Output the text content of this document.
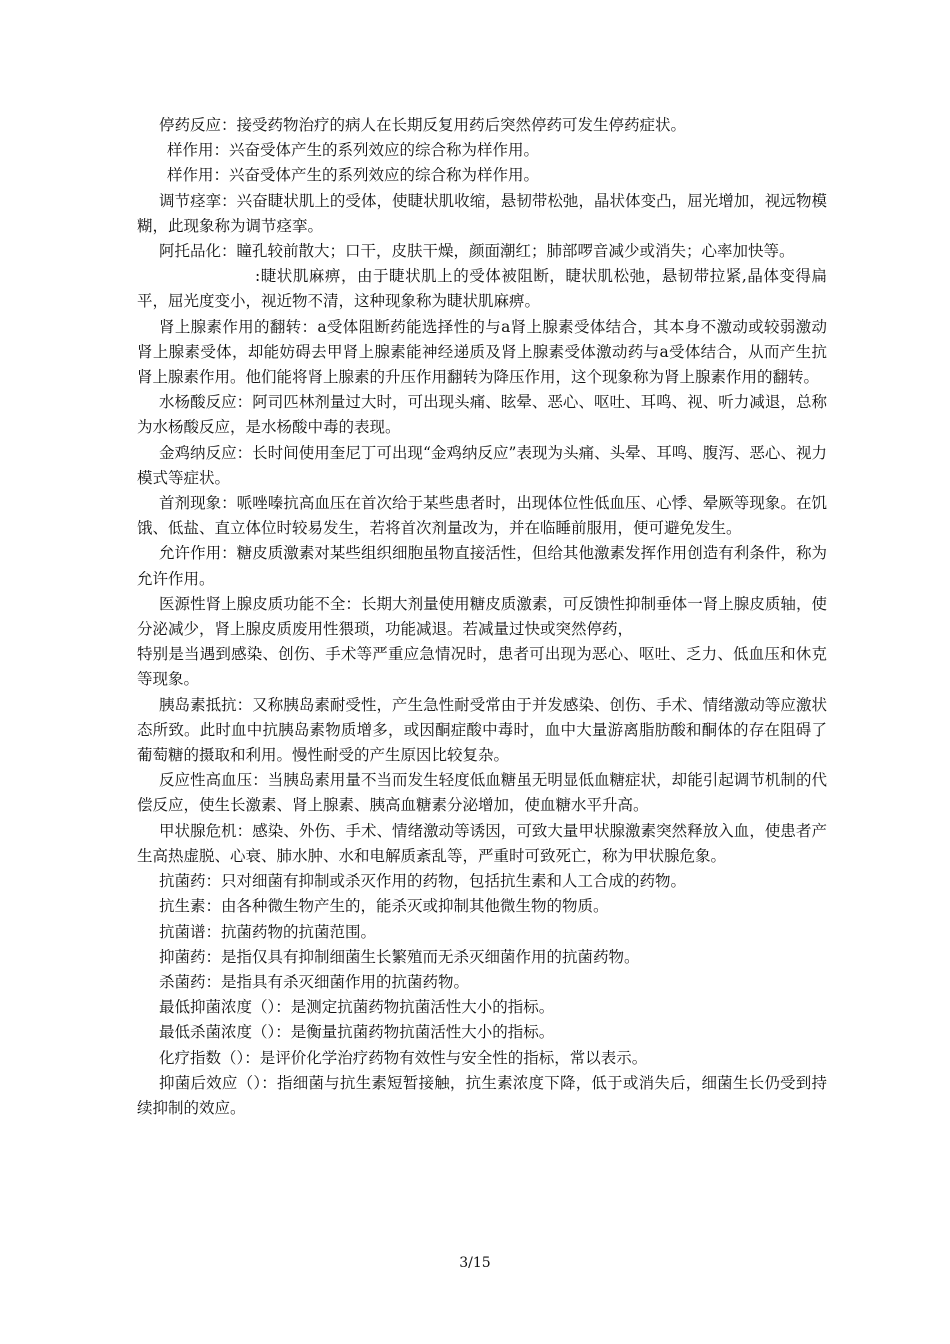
停药反应：接受药物治疗的病人在长期反复用药后突然停药可发生停药症状。

样作用：兴奋受体产生的系列效应的综合称为样作用。

样作用：兴奋受体产生的系列效应的综合称为样作用。

调节痉挛：兴奋睫状肌上的受体，使睫状肌收缩，悬韧带松弛，晶状体变凸，屈光增加，视远物模糊，此现象称为调节痉挛。

阿托品化：瞳孔较前散大；口干，皮肤干燥，颜面潮红；肺部啰音减少或消失；心率加快等。

:睫状肌麻痹，由于睫状肌上的受体被阻断，睫状肌松弛，悬韧带拉紧,晶体变得扁平，屈光度变小，视近物不清，这种现象称为睫状肌麻痹。

肾上腺素作用的翻转：a受体阻断药能选择性的与a肾上腺素受体结合，其本身不激动或较弱激动肾上腺素受体，却能妨碍去甲肾上腺素能神经递质及肾上腺素受体激动药与a受体结合，从而产生抗肾上腺素作用。他们能将肾上腺素的升压作用翻转为降压作用，这个现象称为肾上腺素作用的翻转。

水杨酸反应：阿司匹林剂量过大时，可出现头痛、眩晕、恶心、呕吐、耳鸣、视、听力减退，总称为水杨酸反应，是水杨酸中毒的表现。

金鸡纳反应：长时间使用奎尼丁可出现“金鸡纳反应”表现为头痛、头晕、耳鸣、腹泻、恶心、视力模式等症状。

首剂现象：哌唑嗪抗高血压在首次给于某些患者时，出现体位性低血压、心悸、晕厥等现象。在饥饿、低盐、直立体位时较易发生，若将首次剂量改为，并在临睡前服用，便可避免发生。

允许作用：糖皮质激素对某些组织细胞虽物直接活性，但给其他激素发挥作用创造有利条件，称为允许作用。

医源性肾上腺皮质功能不全：长期大剂量使用糖皮质激素，可反馈性抑制垂体一肾上腺皮质轴，使分泌减少，肾上腺皮质废用性猥琐，功能减退。若减量过快或突然停药，

特别是当遇到感染、创伤、手术等严重应急情况时，患者可出现为恶心、呕吐、乏力、低血压和休克等现象。

胰岛素抵抗：又称胰岛素耐受性，产生急性耐受常由于并发感染、创伤、手术、情绪激动等应激状态所致。此时血中抗胰岛素物质增多，或因酮症酸中毒时，血中大量游离脂肪酸和酮体的存在阻碍了葡萄糖的摄取和利用。慢性耐受的产生原因比较复杂。

反应性高血压：当胰岛素用量不当而发生轻度低血糖虽无明显低血糖症状，却能引起调节机制的代偿反应，使生长激素、肾上腺素、胰高血糖素分泌增加，使血糖水平升高。

甲状腺危机：感染、外伤、手术、情绪激动等诱因，可致大量甲状腺激素突然释放入血，使患者产生高热虚脱、心衰、肺水肿、水和电解质紊乱等，严重时可致死亡，称为甲状腺危象。

抗菌药：只对细菌有抑制或杀灭作用的药物，包括抗生素和人工合成的药物。

抗生素：由各种微生物产生的，能杀灭或抑制其他微生物的物质。

抗菌谱：抗菌药物的抗菌范围。

抑菌药：是指仅具有抑制细菌生长繁殖而无杀灭细菌作用的抗菌药物。

杀菌药：是指具有杀灭细菌作用的抗菌药物。

最低抑菌浓度（）：是测定抗菌药物抗菌活性大小的指标。

最低杀菌浓度（）：是衡量抗菌药物抗菌活性大小的指标。

化疗指数（）：是评价化学治疗药物有效性与安全性的指标，常以表示。

抑菌后效应（）：指细菌与抗生素短暂接触，抗生素浓度下降，低于或消失后，细菌生长仍受到持续抑制的效应。

3/15
